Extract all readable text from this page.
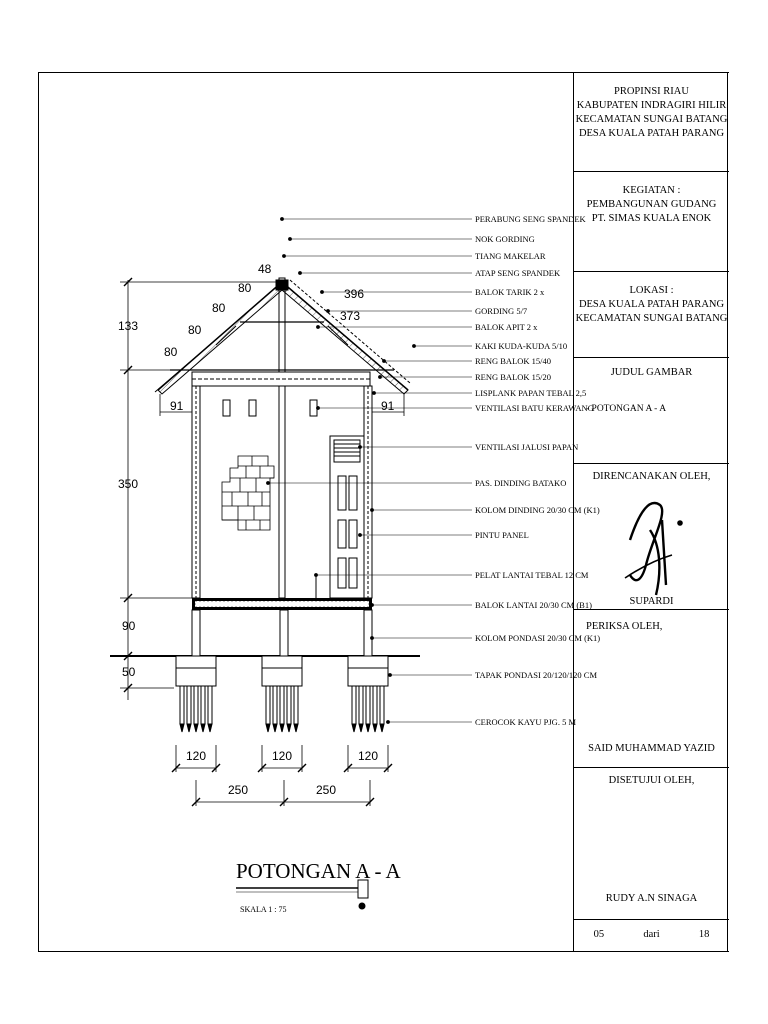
133
350
90
50
91	91
80
80
80
80
48
396
373
120	120	120
250	250
PERABUNG SENG SPANDEK
NOK GORDING
TIANG MAKELAR
ATAP SENG SPANDEK
BALOK TARIK 2 x
GORDING 5/7
BALOK APIT 2 x
KAKI KUDA-KUDA 5/10
RENG BALOK 15/40
RENG BALOK 15/20
LISPLANK PAPAN TEBAL 2,5
VENTILASI BATU KERAWANG
VENTILASI JALUSI PAPAN
PAS. DINDING BATAKO
KOLOM DINDING 20/30 CM (K1)
PINTU PANEL
PELAT LANTAI TEBAL 12 CM
BALOK LANTAI 20/30 CM (B1)
KOLOM PONDASI 20/30 CM (K1)
TAPAK PONDASI 20/120/120 CM
CEROCOK KAYU PJG. 5 M
POTONGAN A - A
SKALA 1 : 75
PROPINSI RIAU
KABUPATEN INDRAGIRI HILIR
KECAMATAN SUNGAI BATANG
DESA KUALA PATAH PARANG
KEGIATAN :
PEMBANGUNAN GUDANG
PT. SIMAS KUALA ENOK
LOKASI :
DESA KUALA PATAH PARANG
KECAMATAN SUNGAI BATANG
JUDUL GAMBAR
- POTONGAN A - A
DIRENCANAKAN OLEH,
SUPARDI
PERIKSA OLEH,
SAID MUHAMMAD YAZID
DISETUJUI OLEH,
RUDY A.N SINAGA
05	dari	18
